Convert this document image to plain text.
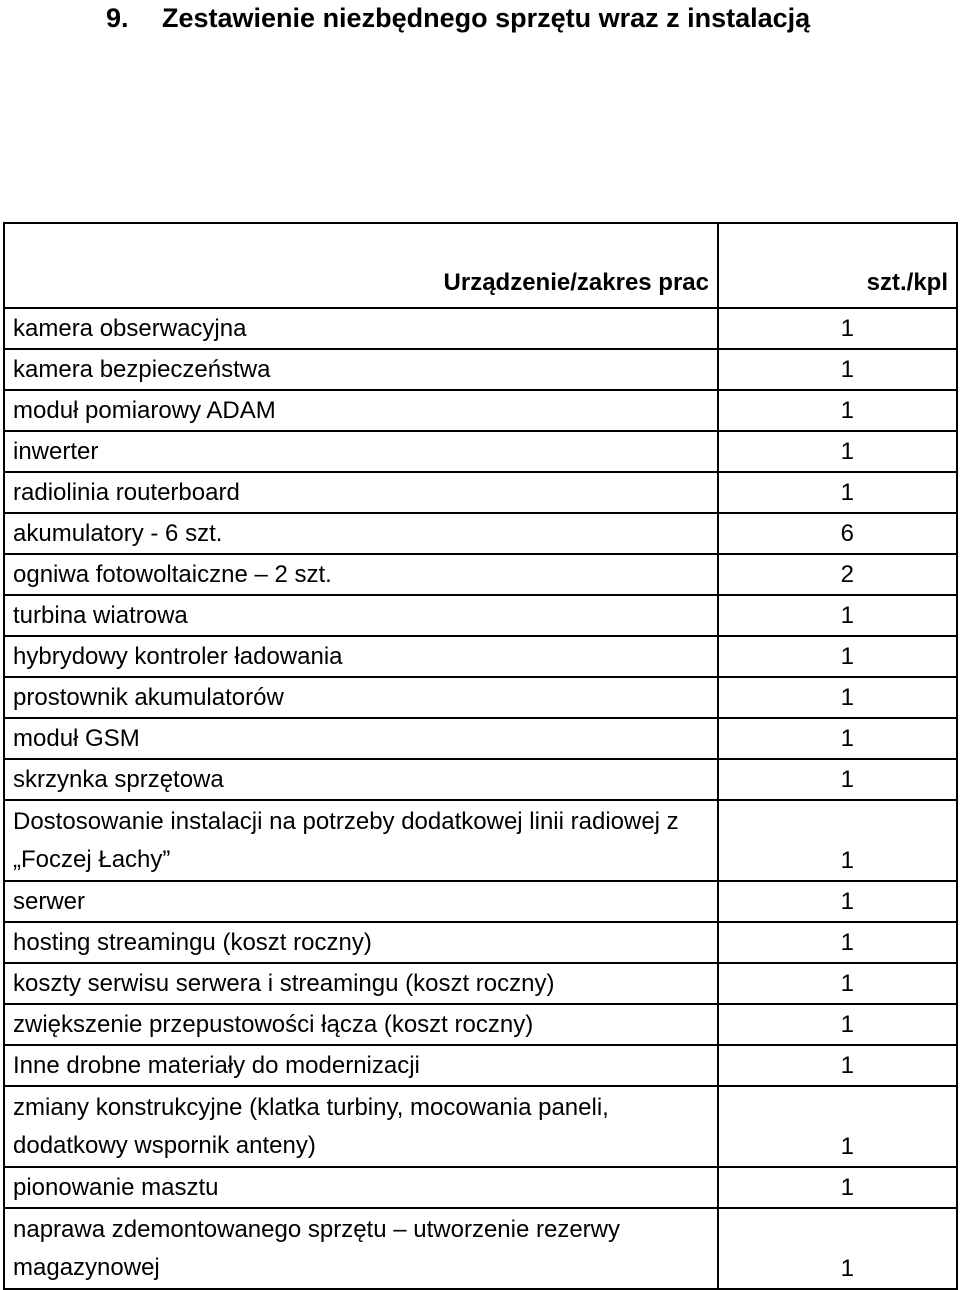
9. Zestawienie niezbędnego sprzętu wraz z instalacją
Urządzenie/zakres prac	szt./kpl
kamera obserwacyjna	1
kamera bezpieczeństwa	1
moduł pomiarowy ADAM	1
inwerter	1
radiolinia routerboard	1
akumulatory - 6 szt.	6
ogniwa fotowoltaiczne – 2 szt.	2
turbina wiatrowa	1
hybrydowy kontroler ładowania	1
prostownik akumulatorów	1
moduł GSM	1
skrzynka sprzętowa	1
Dostosowanie instalacji na potrzeby dodatkowej linii radiowej z „Foczej Łachy”	1
serwer	1
hosting streamingu (koszt roczny)	1
koszty serwisu serwera i streamingu (koszt roczny)	1
zwiększenie przepustowości łącza (koszt roczny)	1
Inne drobne materiały do modernizacji	1
zmiany konstrukcyjne (klatka turbiny, mocowania paneli, dodatkowy wspornik anteny)	1
pionowanie masztu	1
naprawa zdemontowanego sprzętu – utworzenie rezerwy magazynowej	1
